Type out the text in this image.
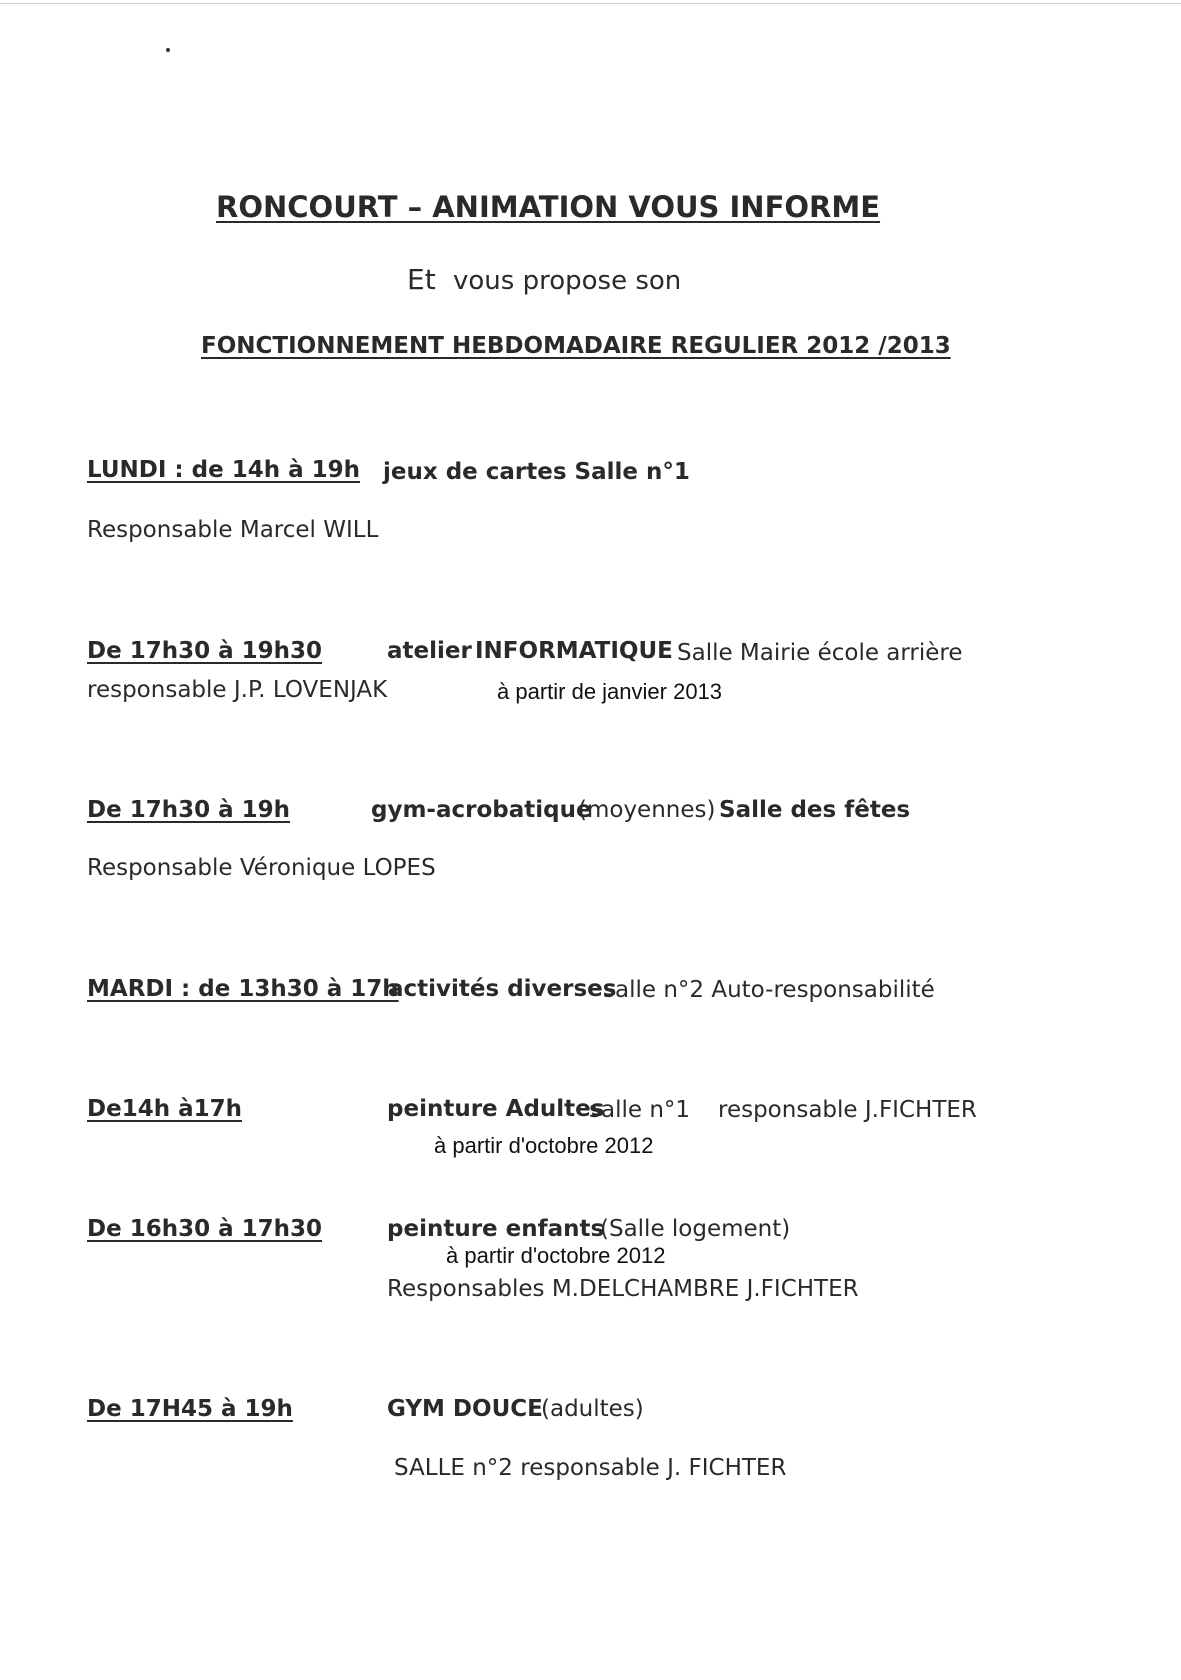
RONCOURT – ANIMATION VOUS INFORME
Et vous propose son
FONCTIONNEMENT HEBDOMADAIRE REGULIER 2012 /2013
LUNDI : de 14h à 19h jeux de cartes Salle n°1
Responsable Marcel WILL
De 17h30 à 19h30	atelier INFORMATIQUE Salle Mairie école arrière
responsable J.P. LOVENJAK	à partir de janvier 2013
De 17h30 à 19h	gym-acrobatique
(moyennes) Salle des fêtes
Responsable Véronique LOPES
MARDI : de 13h30 à 17h
activités diverses
salle n°2 Auto-responsabilité
De14h à17h	peinture Adultes
salle n°1 responsable J.FICHTER
à partir d'octobre 2012
De 16h30 à 17h30	peinture enfants
(Salle logement)
à partir d'octobre 2012
Responsables M.DELCHAMBRE J.FICHTER
De 17H45 à 19h	GYM DOUCE
(adultes)
SALLE n°2 responsable J. FICHTER
